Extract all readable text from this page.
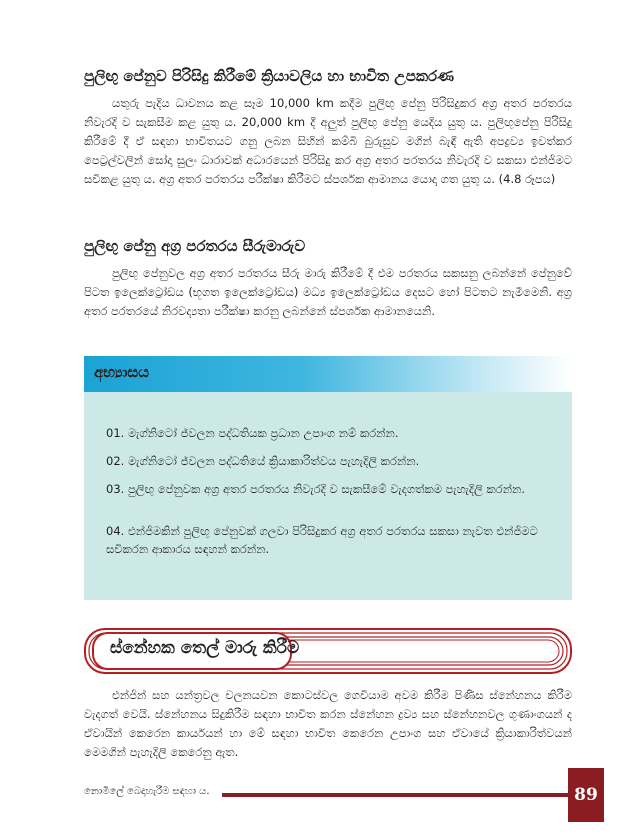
පුලිඟු පේනුව පිරිසිදු කිරීමේ ක්‍රියාවලිය හා භාවිත උපකරණ

යතුරු පැදිය ධාවනය කළ සෑම 10,000 km කදීම පුලිඟු පේනු පිරිසිදුකර අග්‍ර අතර පරතරය නිවැරදි ව සැකසීම කළ යුතු ය. 20,000 km දී අලුත් පුලිඟු පේනු යෙදිය යුතු ය. පුලිඟුපේනු පිරිසිදු කිරීමේ දී ඒ සඳහා භාවිතයට ගනු ලබන සිහින් කම්බි බුරුසුව මගින් බැඳී ඇති අපද්‍රව්‍ය ඉවත්කර පෙට්‍රල්වලින් සෝදා සුලං ධාරාවක් අධාරයෙන් පිරිසිදු කර අග්‍ර අතර පරතරය නිවැරදි ව සකසා එන්ජිමට සවිකළ යුතු ය. අග්‍ර අතර පරතරය පරීක්ෂා කිරීමට ස්පර්ශක ආමානය යොදා ගත යුතු ය. (4.8 රූපය)

පුලිඟු පේනු අග්‍ර පරතරය සීරුමාරුව

පුලිඟු පේනුවල අග්‍ර අතර පරතරය සීරු මාරු කිරීමේ දී එම පරතරය සකසනු ලබන්නේ පේනුවේ පිටත ඉලෙක්ට්‍රෝඩය (භූගත ඉලෙක්ට්‍රෝඩය) මධ්‍ය ඉලෙක්ට්‍රෝඩය දෙසට හෝ පිටතට නැමීමෙනි. අග්‍ර අතර පරතරයේ නිරවද්‍යතා පරීක්ෂා කරනු ලබන්නේ ස්පර්ශක ආමානයෙනි.

අභ්‍යාසය
01. මැග්නිටෝ ජ්වලන පද්ධතියක ප්‍රධාන උපාංග නම් කරන්න.
02. මැග්නිටෝ ජ්වලන පද්ධතියේ ක්‍රියාකාරිත්වය පැහැදිලි කරන්න.
03. පුලිඟු පේනුවක අග්‍ර අතර පරතරය නිවැරදි ව සැකසීමේ වැදගත්කම පැහැදිලි කරන්න.
04. එන්ජිමකින් පුලිඟු පේනුවක් ගලවා පිරිසිදුකර අග්‍ර අතර පරතරය සකසා නැවත එන්ජිමට සවිකරන ආකාරය සඳහන් කරන්න.
ස්නේහක තෙල් මාරු කිරීම

එන්ජින් සහ යන්ත්‍රවල චලනයවන කොටස්වල ගෙවියාම අවම කිරීම පිණිස ස්නේහනය කිරීම වැදගත් වෙයි. ස්නේහනය සිදුකිරීම සඳහා භාවිත කරන ස්නේහන ද්‍රව්‍ය සහ ස්නේහනවල ගුණාංගයන් ද ඒවායින් කෙරෙන කාර්යයන් හා මේ සඳහා භාවිත කෙරෙන උපාංග සහ ඒවායේ ක්‍රියාකාරිත්වයන් මෙමගින් පැහැදිලි කෙරෙනු ඇත.

නොමිලේ බෙදාහැරීම සඳහා ය.	89
